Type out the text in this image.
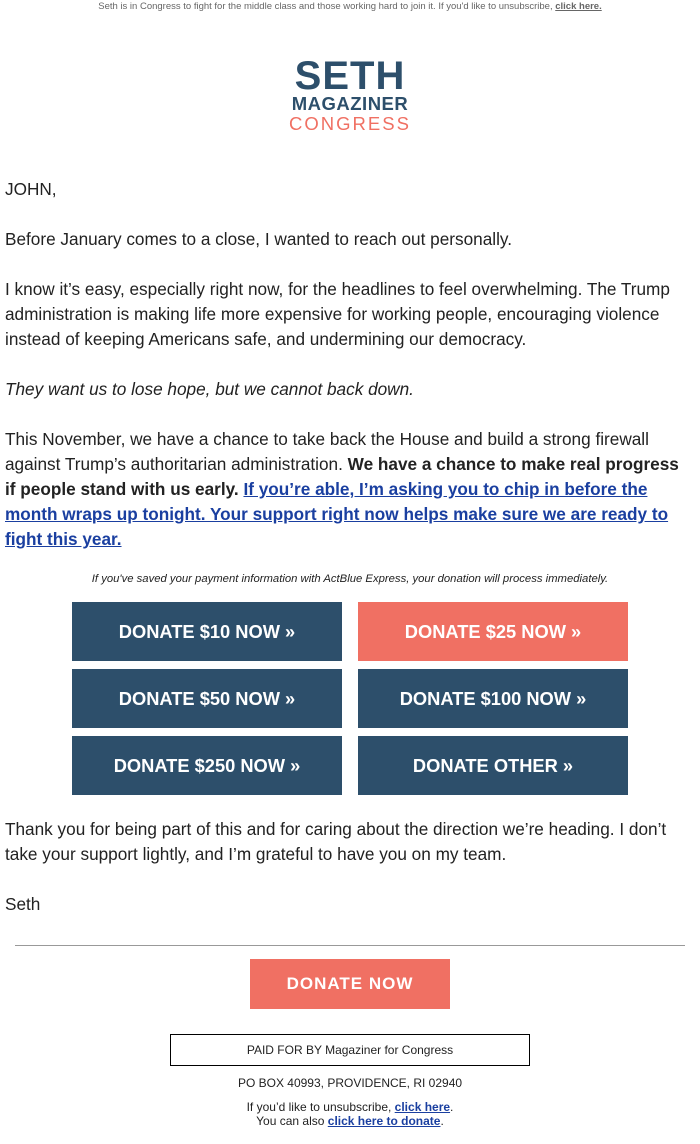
Seth is in Congress to fight for the middle class and those working hard to join it. If you'd like to unsubscribe, click here.
SETH
MAGAZINER
CONGRESS

JOHN,

Before January comes to a close, I wanted to reach out personally.

I know it’s easy, especially right now, for the headlines to feel overwhelming. The Trump administration is making life more expensive for working people, encouraging violence instead of keeping Americans safe, and undermining our democracy.

They want us to lose hope, but we cannot back down.

This November, we have a chance to take back the House and build a strong firewall against Trump’s authoritarian administration. We have a chance to make real progress if people stand with us early. If you’re able, I’m asking you to chip in before the month wraps up tonight. Your support right now helps make sure we are ready to fight this year.

If you've saved your payment information with ActBlue Express, your donation will process immediately.
DONATE $10 NOW »	DONATE $25 NOW »
DONATE $50 NOW »	DONATE $100 NOW »
DONATE $250 NOW »	DONATE OTHER »

Thank you for being part of this and for caring about the direction we’re heading. I don’t take your support lightly, and I’m grateful to have you on my team.

Seth

DONATE NOW
PAID FOR BY Magaziner for Congress
PO BOX 40993, PROVIDENCE, RI 02940
If you’d like to unsubscribe, click here.
You can also click here to donate.
